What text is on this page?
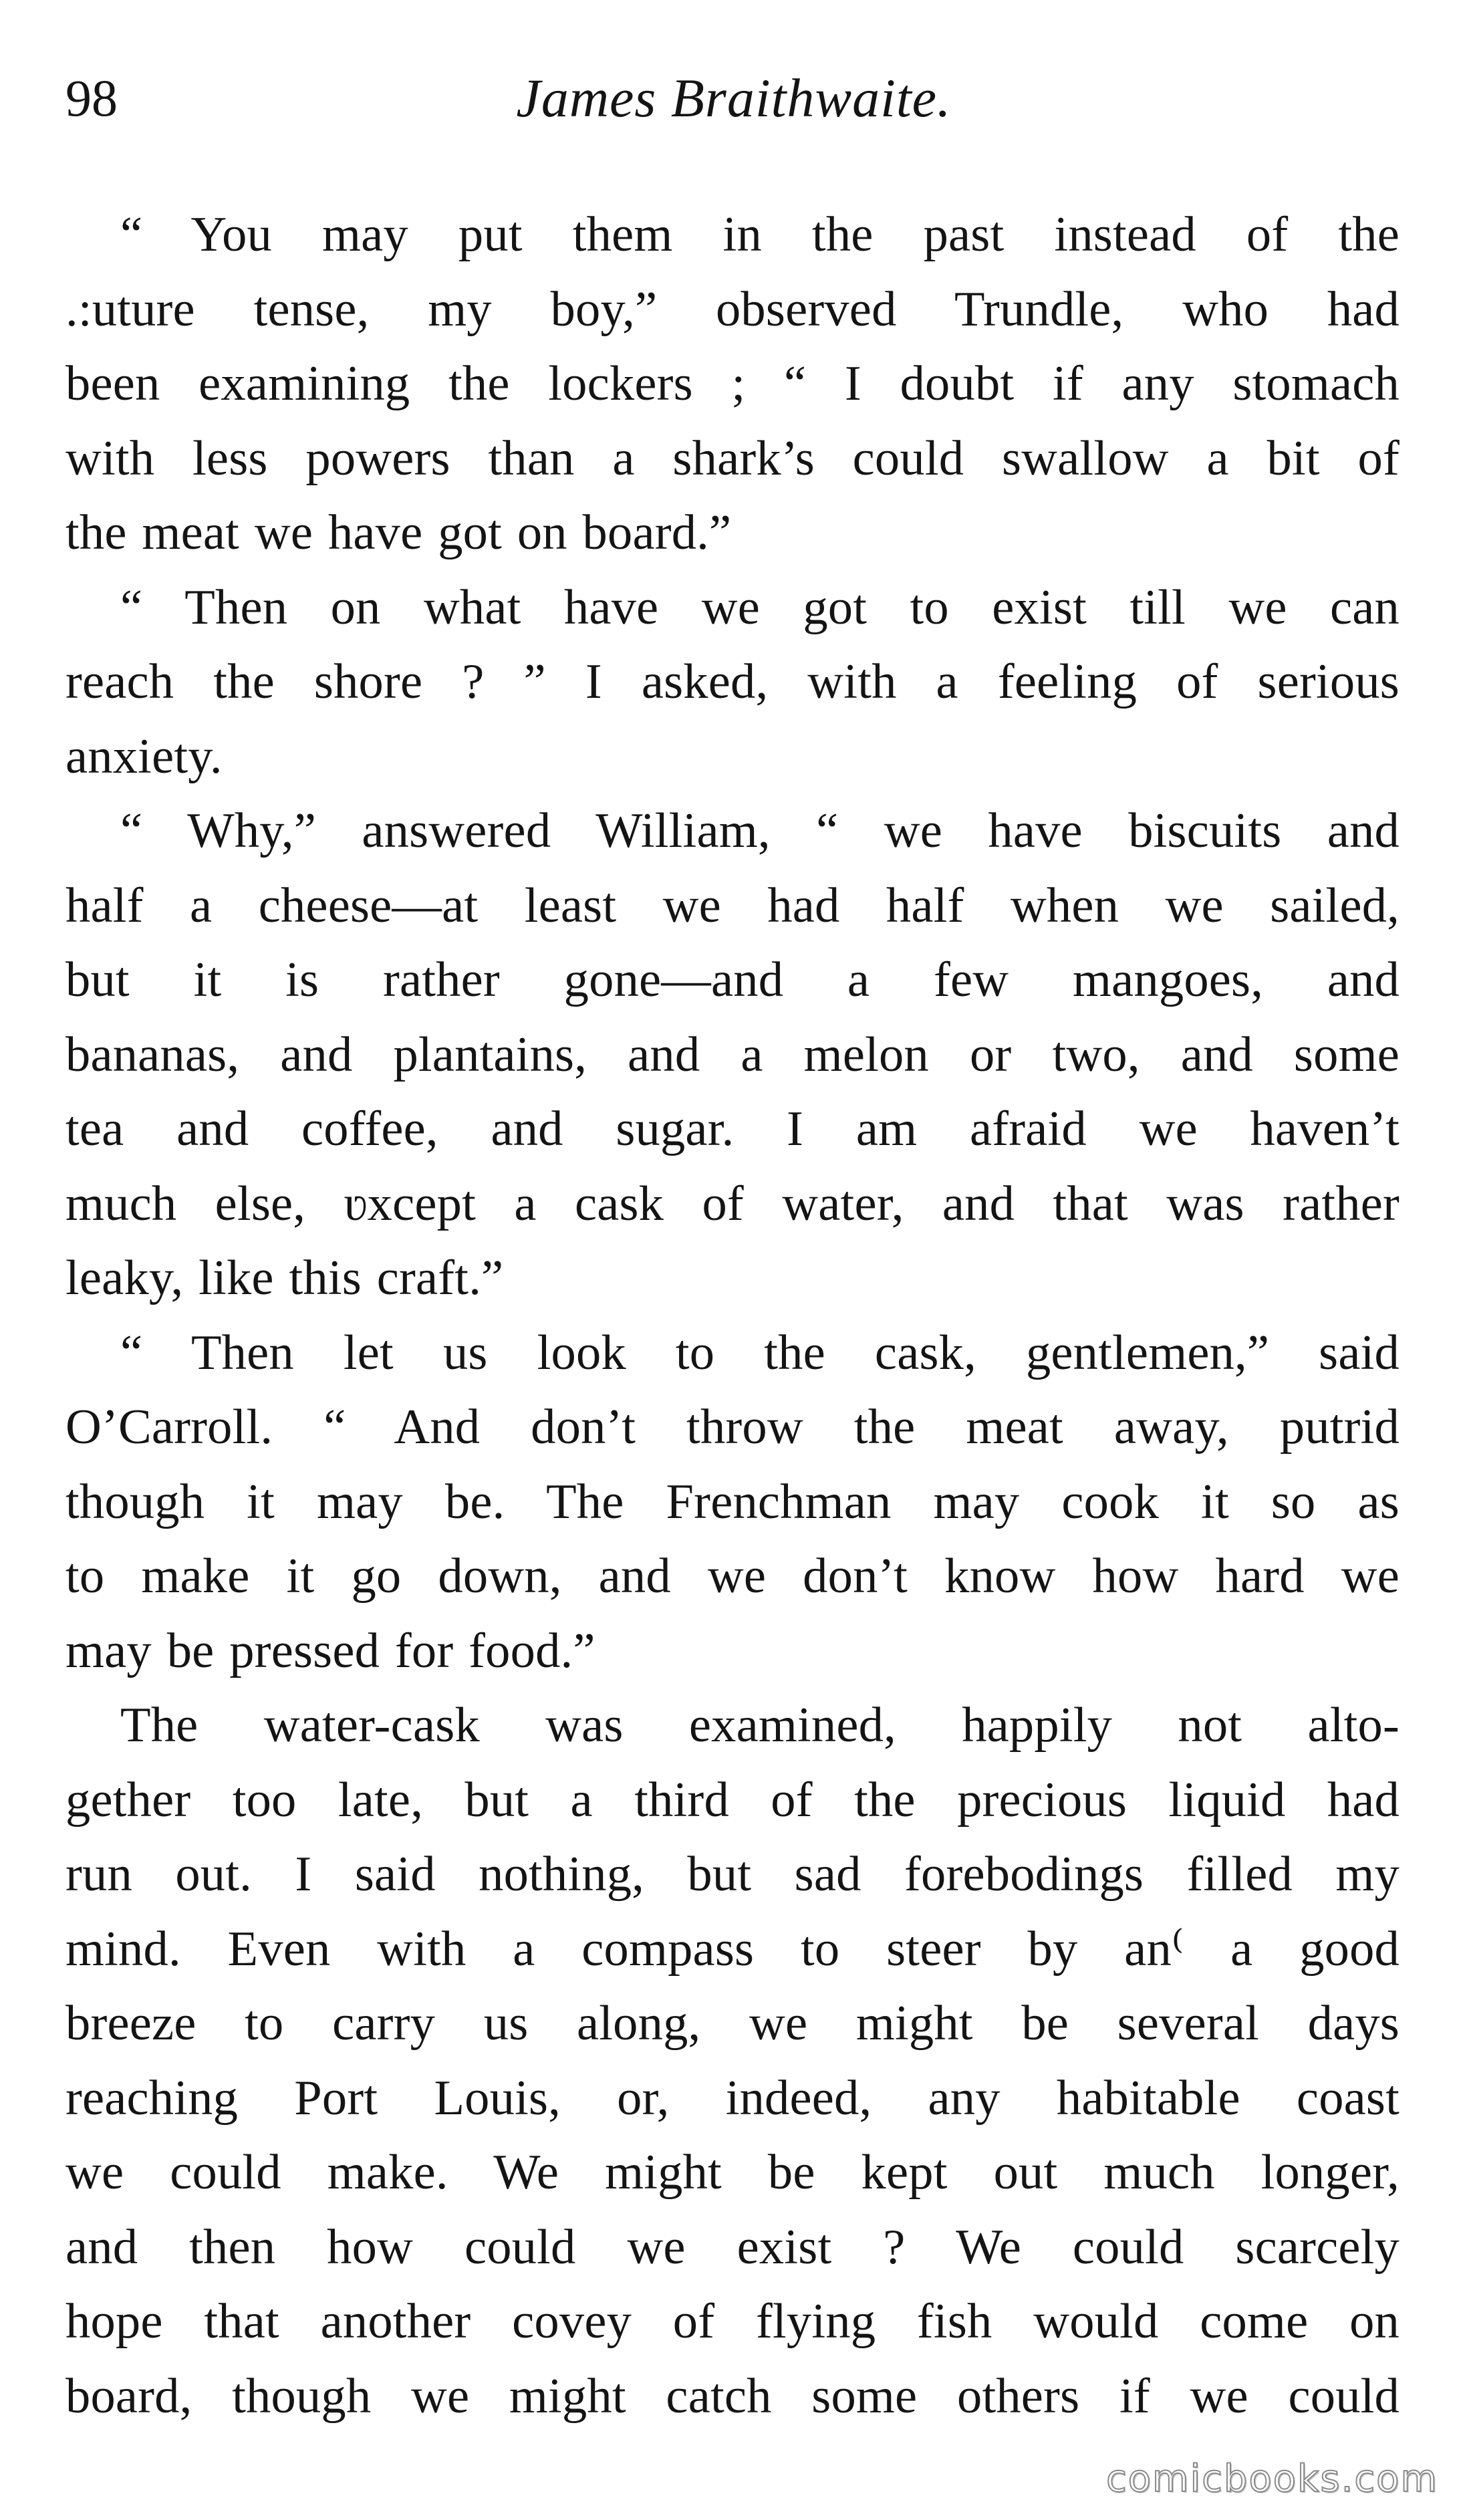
98	James Braithwaite.

“ You may put them in the past instead of the
.:uture tense, my boy,” observed Trundle, who had
been examining the lockers ; “ I doubt if any stomach
with less powers than a shark’s could swallow a bit of
the meat we have got on board.”

“ Then on what have we got to exist till we can
reach the shore ? ” I asked, with a feeling of serious
anxiety.

“ Why,” answered William, “ we have biscuits and
half a cheese—at least we had half when we sailed,
but it is rather gone—and a few mangoes, and
bananas, and plantains, and a melon or two, and some
tea and coffee, and sugar. I am afraid we haven’t
much else, ʋxcept a cask of water, and that was rather
leaky, like this craft.”

“ Then let us look to the cask, gentlemen,” said
O’Carroll. “ And don’t throw the meat away, putrid
though it may be. The Frenchman may cook it so as
to make it go down, and we don’t know how hard we
may be pressed for food.”

The water-cask was examined, happily not alto-
gether too late, but a third of the precious liquid had
run out. I said nothing, but sad forebodings filled my
mind. Even with a compass to steer by an⁽ a good
breeze to carry us along, we might be several days
reaching Port Louis, or, indeed, any habitable coast
we could make. We might be kept out much longer,
and then how could we exist ? We could scarcely
hope that another covey of flying fish would come on
board, though we might catch some others if we could

comicbooks.com
